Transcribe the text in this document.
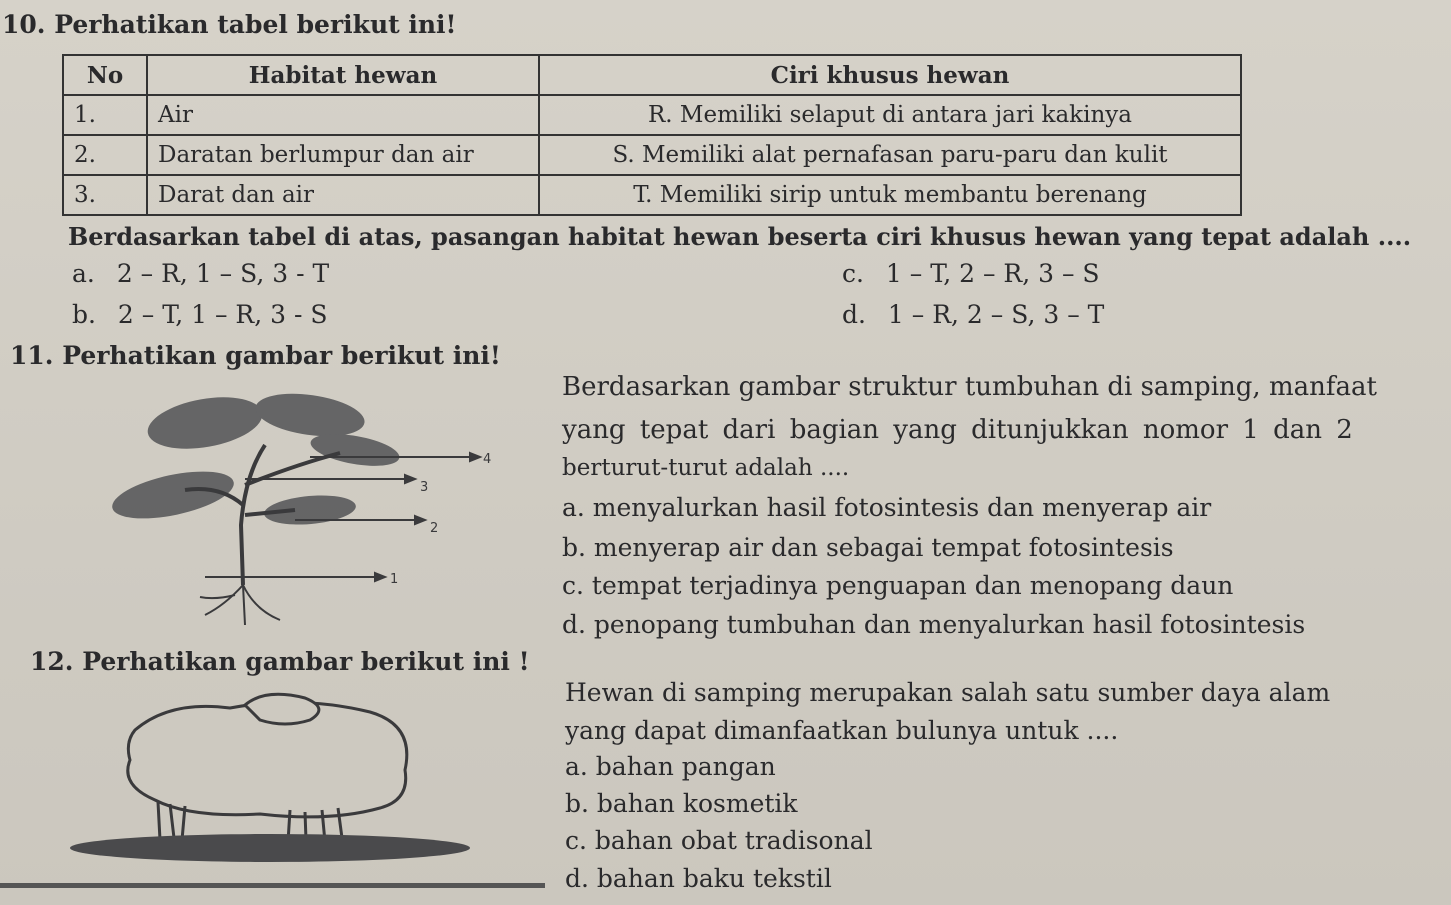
10. Perhatikan tabel berikut ini!
No	Habitat hewan	Ciri khusus hewan
1.	Air	R. Memiliki selaput di antara jari kakinya
2.	Daratan berlumpur dan air	S. Memiliki alat pernafasan paru-paru dan kulit
3.	Darat dan air	T. Memiliki sirip untuk membantu berenang
Berdasarkan tabel di atas, pasangan habitat hewan beserta ciri khusus hewan yang tepat adalah ....
a. 2 – R, 1 – S, 3 - T
b. 2 – T, 1 – R, 3 - S
c. 1 – T, 2 – R, 3 – S
d. 1 – R, 2 – S, 3 – T
11. Perhatikan gambar berikut ini!
4
3
2
1
Berdasarkan gambar struktur tumbuhan di samping, manfaat
yang tepat dari bagian yang ditunjukkan nomor 1 dan 2
berturut-turut adalah ....
a. menyalurkan hasil fotosintesis dan menyerap air
b. menyerap air dan sebagai tempat fotosintesis
c. tempat terjadinya penguapan dan menopang daun
d. penopang tumbuhan dan menyalurkan hasil fotosintesis
12. Perhatikan gambar berikut ini !
Hewan di samping merupakan salah satu sumber daya alam
yang dapat dimanfaatkan bulunya untuk ....
a. bahan pangan
b. bahan kosmetik
c. bahan obat tradisonal
d. bahan baku tekstil
